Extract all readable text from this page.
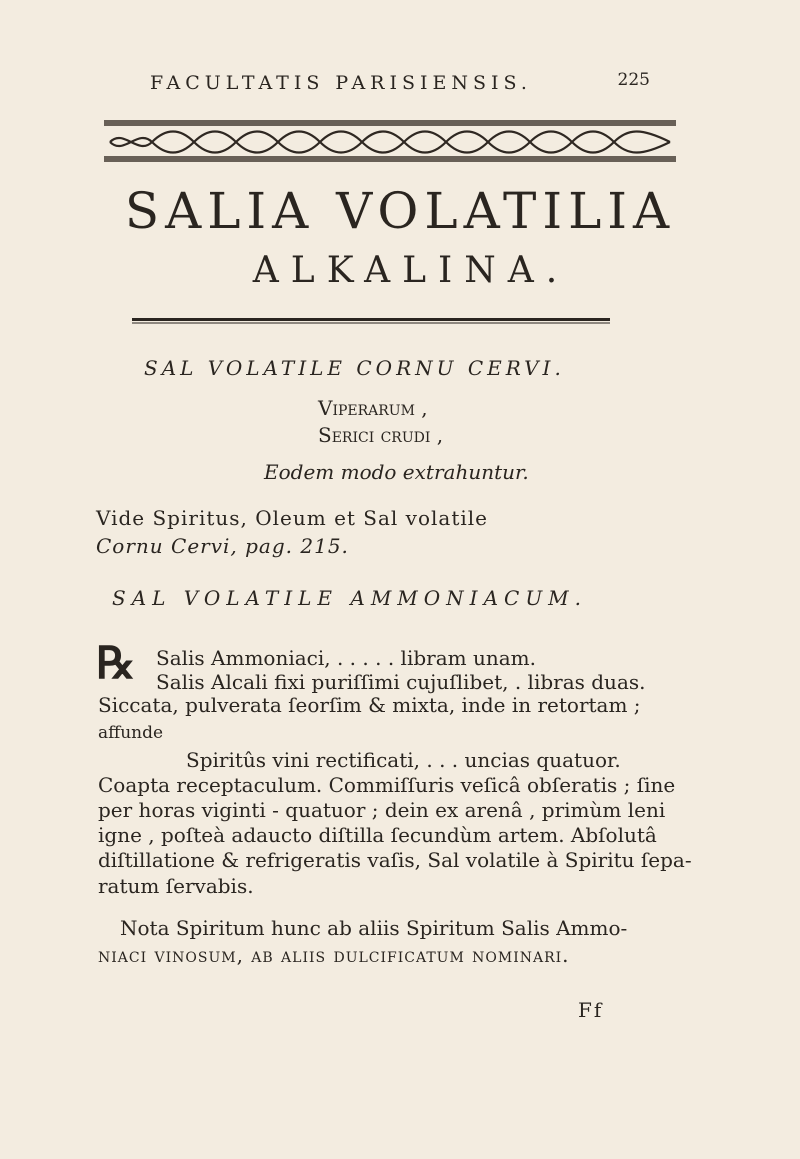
FACULTATIS PARISIENSIS.	225
SALIA VOLATILIA
ALKALINA.
SAL VOLATILE CORNU CERVI.
Viperarum ,
Serici crudi ,
Eodem modo extrahuntur.
Vide Spiritus, Oleum et Sal volatile
Cornu Cervi, pag. 215.
SAL VOLATILE AMMONIACUM.
℞ Salis Ammoniaci, . . . . . libram unam.
Salis Alcali fixi puriſſimi cujuſlibet, . libras duas.
Siccata, pulverata ſeorſim & mixta, inde in retortam ;
affunde
Spiritûs vini rectificati, . . . uncias quatuor.
Coapta receptaculum. Commiſſuris veſicâ obſeratis ; ſine
per horas viginti - quatuor ; dein ex arenâ , primùm leni
igne , poſteà adaucto diſtilla ſecundùm artem. Abſolutâ
diſtillatione & refrigeratis vaſis, Sal volatile à Spiritu ſepa-
ratum ſervabis.
Nota Spiritum hunc ab aliis Spiritum Salis Ammo-
niaci vinosum, ab aliis dulcificatum nominari.
Ff
